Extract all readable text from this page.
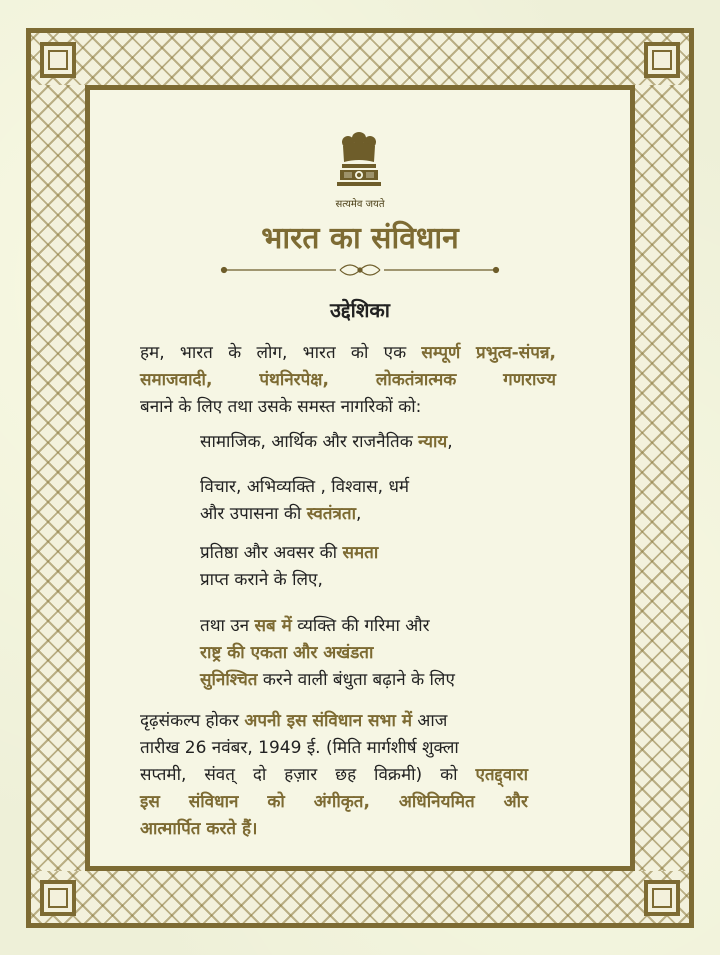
सत्यमेव जयते
भारत का संविधान
उद्देशिका
हम, भारत के लोग, भारत को एक सम्पूर्ण प्रभुत्व-संपन्न,
समाजवादी, पंथनिरपेक्ष, लोकतंत्रात्मक गणराज्य
बनाने के लिए तथा उसके समस्त नागरिकों को:
सामाजिक, आर्थिक और राजनैतिक न्याय,
विचार, अभिव्यक्ति , विश्वास, धर्म
और उपासना की स्वतंत्रता,
प्रतिष्ठा और अवसर की समता
प्राप्त कराने के लिए,
तथा उन सब में व्यक्ति की गरिमा और
राष्ट्र की एकता और अखंडता
सुनिश्चित करने वाली बंधुता बढ़ाने के लिए
दृढ़संकल्प होकर अपनी इस संविधान सभा में आज
तारीख 26 नवंबर, 1949 ई. (मिति मार्गशीर्ष शुक्ला
सप्तमी, संवत् दो हज़ार छह विक्रमी) को एतद्द्वारा
इस संविधान को अंगीकृत, अधिनियमित और
आत्मार्पित करते हैं।
